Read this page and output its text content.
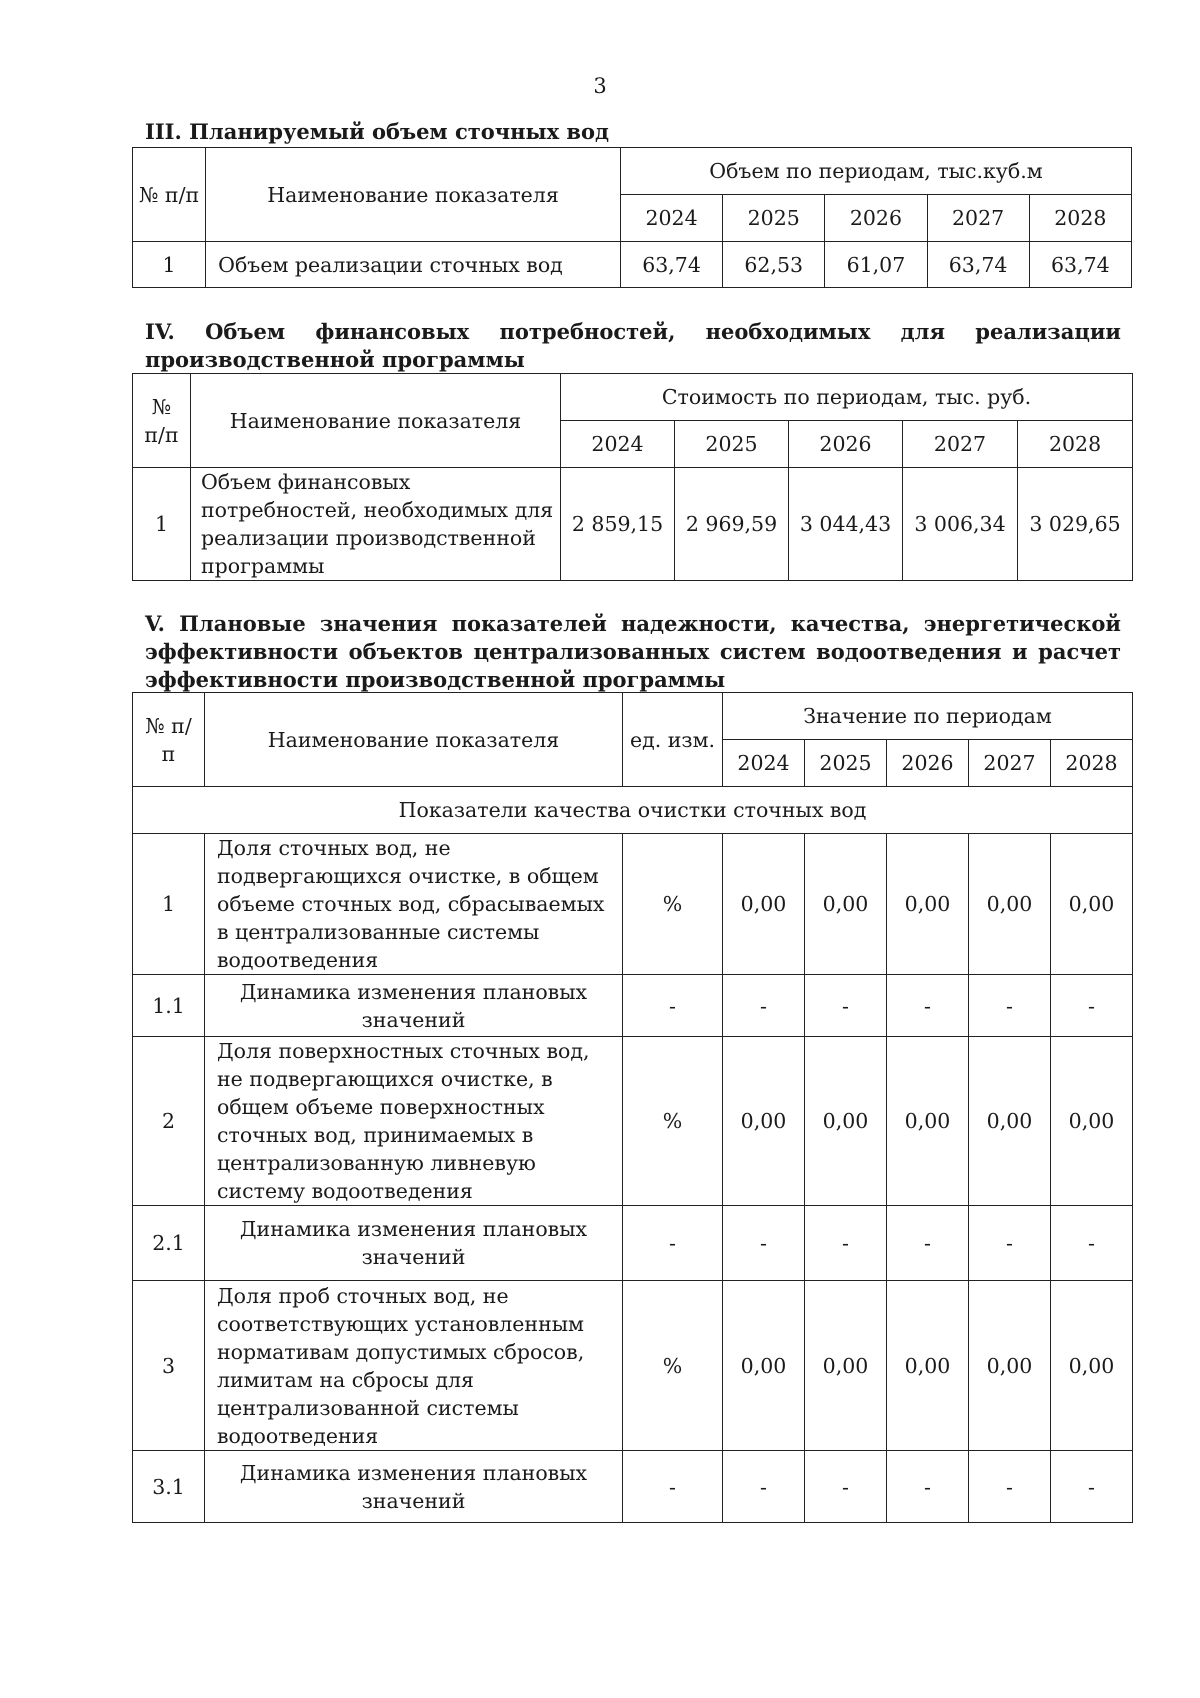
3
III. Планируемый объем сточных вод
№ п/п	Наименование показателя	Объем по периодам, тыс.куб.м				
		2024	2025	2026	2027	2028
1	Объем реализации сточных вод	63,74	62,53	61,07	63,74	63,74
IV. Объем финансовых потребностей, необходимых для реализации производственной программы
№ п/п	Наименование показателя	Стоимость по периодам, тыс. руб.				
		2024	2025	2026	2027	2028
1	Объем финансовых потребностей, необходимых для реализации производственной программы	2 859,15	2 969,59	3 044,43	3 006,34	3 029,65
V. Плановые значения показателей надежности, качества, энергетической эффективности объектов централизованных систем водоотведения и расчет эффективности производственной программы
№ п/п	Наименование показателя	ед. изм.	Значение по периодам				
			2024	2025	2026	2027	2028
Показатели качества очистки сточных вод							
1	Доля сточных вод, не подвергающихся очистке, в общем объеме сточных вод, сбрасываемых в централизованные системы водоотведения	%	0,00	0,00	0,00	0,00	0,00
1.1	Динамика изменения плановых значений	-	-	-	-	-	-
2	Доля поверхностных сточных вод, не подвергающихся очистке, в общем объеме поверхностных сточных вод, принимаемых в централизованную ливневую систему водоотведения	%	0,00	0,00	0,00	0,00	0,00
2.1	Динамика изменения плановых значений	-	-	-	-	-	-
3	Доля проб сточных вод, не соответствующих установленным нормативам допустимых сбросов, лимитам на сбросы для централизованной системы водоотведения	%	0,00	0,00	0,00	0,00	0,00
3.1	Динамика изменения плановых значений	-	-	-	-	-	-
